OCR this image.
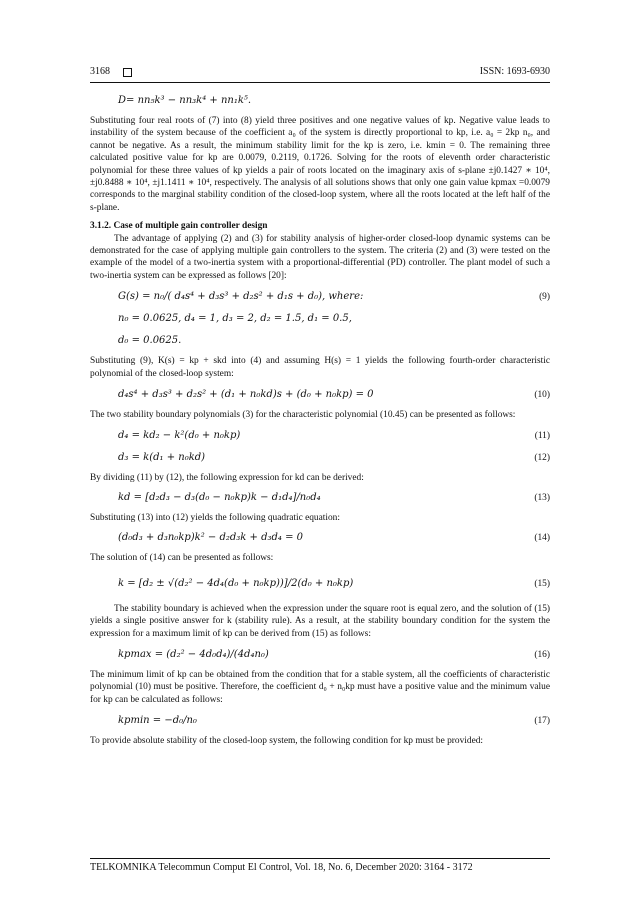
3168	ISSN: 1693-6930
D= nn₅k³ − nn₃k⁴ + nn₁k⁵.

Substituting four real roots of (7) into (8) yield three positives and one negative values of kp. Negative value leads to instability of the system because of the coefficient a₀ of the system is directly proportional to kp, i.e. a₀ = 2kp n₀, and cannot be negative. As a result, the minimum stability limit for the kp is zero, i.e. kmin = 0. The remaining three calculated positive value for kp are 0.0079, 0.2119, 0.1726. Solving for the roots of eleventh order characteristic polynomial for these three values of kp yields a pair of roots located on the imaginary axis of s-plane ±j0.1427 ∗ 10⁴, ±j0.8488 ∗ 10⁴, ±j1.1411 ∗ 10⁴, respectively. The analysis of all solutions shows that only one gain value kpmax =0.0079 corresponds to the marginal stability condition of the closed-loop system, where all the roots located at the left half of the s-plane.

3.1.2. Case of multiple gain controller design

The advantage of applying (2) and (3) for stability analysis of higher-order closed-loop dynamic systems can be demonstrated for the case of applying multiple gain controllers to the system. The criteria (2) and (3) were tested on the example of the model of a two-inertia system with a proportional-differential (PD) controller. The plant model of such a two-inertia system can be expressed as follows [20]:

G(s) = n₀/( d₄s⁴ + d₃s³ + d₂s² + d₁s + d₀), where:	(9)
n₀ = 0.0625, d₄ = 1, d₃ = 2, d₂ = 1.5, d₁ = 0.5,
d₀ = 0.0625.

Substituting (9), K(s) = kp + skd into (4) and assuming H(s) = 1 yields the following fourth-order characteristic polynomial of the closed-loop system:

d₄s⁴ + d₃s³ + d₂s² + (d₁ + n₀kd)s + (d₀ + n₀kp) = 0	(10)

The two stability boundary polynomials (3) for the characteristic polynomial (10.45) can be presented as follows:

d₄ = kd₂ − k²(d₀ + n₀kp)	(11)
d₃ = k(d₁ + n₀kd)	(12)

By dividing (11) by (12), the following expression for kd can be derived:

kd = [d₂d₃ − d₃(d₀ − n₀kp)k − d₁d₄]/n₀d₄	(13)

Substituting (13) into (12) yields the following quadratic equation:

(d₀d₃ + d₃n₀kp)k² − d₂d₃k + d₃d₄ = 0	(14)

The solution of (14) can be presented as follows:

k = [d₂ ± √(d₂² − 4d₄(d₀ + n₀kp))]/2(d₀ + n₀kp)	(15)

The stability boundary is achieved when the expression under the square root is equal zero, and the solution of (15) yields a single positive answer for k (stability rule). As a result, at the stability boundary condition for the system the expression for a maximum limit of kp can be derived from (15) as follows:

kpmax = (d₂² − 4d₀d₄)/(4d₄n₀)	(16)

The minimum limit of kp can be obtained from the condition that for a stable system, all the coefficients of characteristic polynomial (10) must be positive. Therefore, the coefficient d₀ + n₀kp must have a positive value and the minimum value for kp can be calculated as follows:

kpmin = −d₀/n₀	(17)

To provide absolute stability of the closed-loop system, the following condition for kp must be provided:

TELKOMNIKA Telecommun Comput El Control, Vol. 18, No. 6, December 2020: 3164 - 3172
